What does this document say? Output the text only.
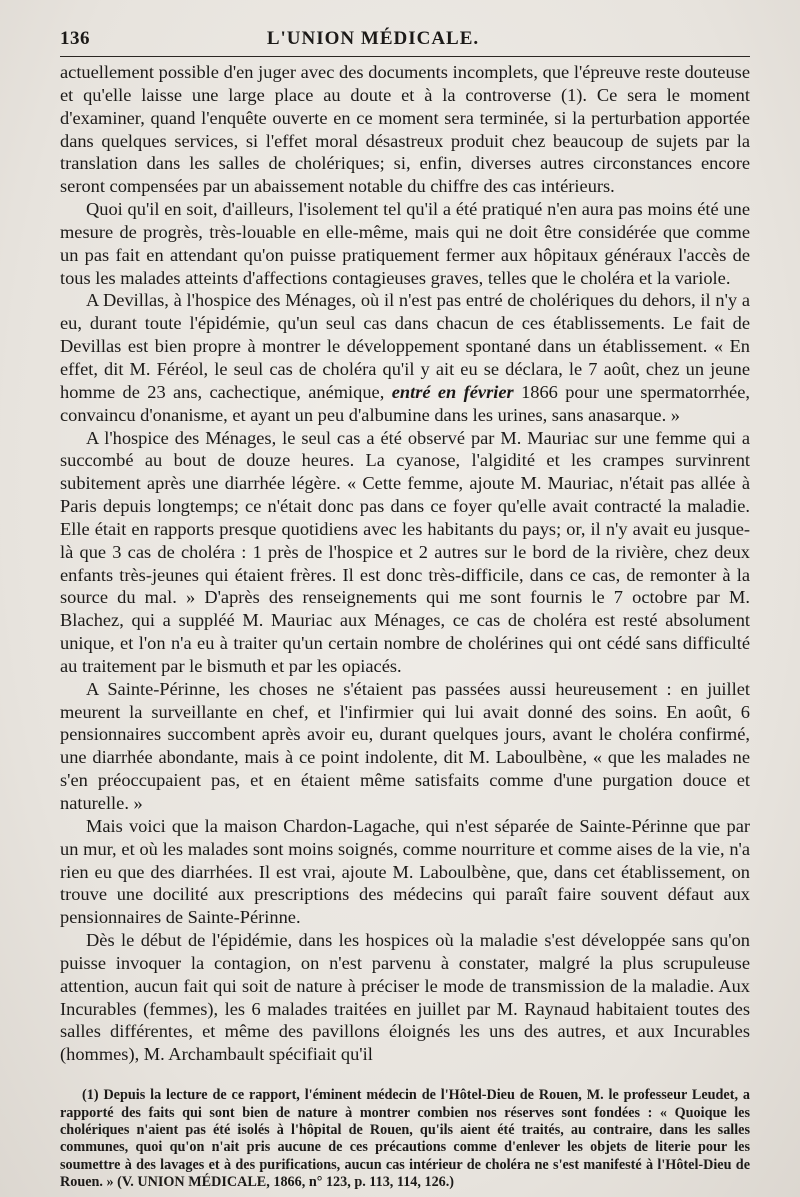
136	L'UNION MÉDICALE.

actuellement possible d'en juger avec des documents incomplets, que l'épreuve reste douteuse et qu'elle laisse une large place au doute et à la controverse (1). Ce sera le moment d'examiner, quand l'enquête ouverte en ce moment sera terminée, si la perturbation apportée dans quelques services, si l'effet moral désastreux produit chez beaucoup de sujets par la translation dans les salles de cholériques; si, enfin, diverses autres circonstances encore seront compensées par un abaissement notable du chiffre des cas intérieurs.

Quoi qu'il en soit, d'ailleurs, l'isolement tel qu'il a été pratiqué n'en aura pas moins été une mesure de progrès, très-louable en elle-même, mais qui ne doit être considérée que comme un pas fait en attendant qu'on puisse pratiquement fermer aux hôpitaux généraux l'accès de tous les malades atteints d'affections contagieuses graves, telles que le choléra et la variole.

A Devillas, à l'hospice des Ménages, où il n'est pas entré de cholériques du dehors, il n'y a eu, durant toute l'épidémie, qu'un seul cas dans chacun de ces établissements. Le fait de Devillas est bien propre à montrer le développement spontané dans un établissement. « En effet, dit M. Féréol, le seul cas de choléra qu'il y ait eu se déclara, le 7 août, chez un jeune homme de 23 ans, cachectique, anémique, entré en février 1866 pour une spermatorrhée, convaincu d'onanisme, et ayant un peu d'albumine dans les urines, sans anasarque. »

A l'hospice des Ménages, le seul cas a été observé par M. Mauriac sur une femme qui a succombé au bout de douze heures. La cyanose, l'algidité et les crampes survinrent subitement après une diarrhée légère. « Cette femme, ajoute M. Mauriac, n'était pas allée à Paris depuis longtemps; ce n'était donc pas dans ce foyer qu'elle avait contracté la maladie. Elle était en rapports presque quotidiens avec les habitants du pays; or, il n'y avait eu jusque-là que 3 cas de choléra : 1 près de l'hospice et 2 autres sur le bord de la rivière, chez deux enfants très-jeunes qui étaient frères. Il est donc très-difficile, dans ce cas, de remonter à la source du mal. » D'après des renseignements qui me sont fournis le 7 octobre par M. Blachez, qui a suppléé M. Mauriac aux Ménages, ce cas de choléra est resté absolument unique, et l'on n'a eu à traiter qu'un certain nombre de cholérines qui ont cédé sans difficulté au traitement par le bismuth et par les opiacés.

A Sainte-Périnne, les choses ne s'étaient pas passées aussi heureusement : en juillet meurent la surveillante en chef, et l'infirmier qui lui avait donné des soins. En août, 6 pensionnaires succombent après avoir eu, durant quelques jours, avant le choléra confirmé, une diarrhée abondante, mais à ce point indolente, dit M. Laboulbène, « que les malades ne s'en préoccupaient pas, et en étaient même satisfaits comme d'une purgation douce et naturelle. »

Mais voici que la maison Chardon-Lagache, qui n'est séparée de Sainte-Périnne que par un mur, et où les malades sont moins soignés, comme nourriture et comme aises de la vie, n'a rien eu que des diarrhées. Il est vrai, ajoute M. Laboulbène, que, dans cet établissement, on trouve une docilité aux prescriptions des médecins qui paraît faire souvent défaut aux pensionnaires de Sainte-Périnne.

Dès le début de l'épidémie, dans les hospices où la maladie s'est développée sans qu'on puisse invoquer la contagion, on n'est parvenu à constater, malgré la plus scrupuleuse attention, aucun fait qui soit de nature à préciser le mode de transmission de la maladie. Aux Incurables (femmes), les 6 malades traitées en juillet par M. Raynaud habitaient toutes des salles différentes, et même des pavillons éloignés les uns des autres, et aux Incurables (hommes), M. Archambault spécifiait qu'il

(1) Depuis la lecture de ce rapport, l'éminent médecin de l'Hôtel-Dieu de Rouen, M. le professeur Leudet, a rapporté des faits qui sont bien de nature à montrer combien nos réserves sont fondées : « Quoique les cholériques n'aient pas été isolés à l'hôpital de Rouen, qu'ils aient été traités, au contraire, dans les salles communes, quoi qu'on n'ait pris aucune de ces précautions comme d'enlever les objets de literie pour les soumettre à des lavages et à des purifications, aucun cas intérieur de choléra ne s'est manifesté à l'Hôtel-Dieu de Rouen. » (V. UNION MÉDICALE, 1866, n° 123, p. 113, 114, 126.)
